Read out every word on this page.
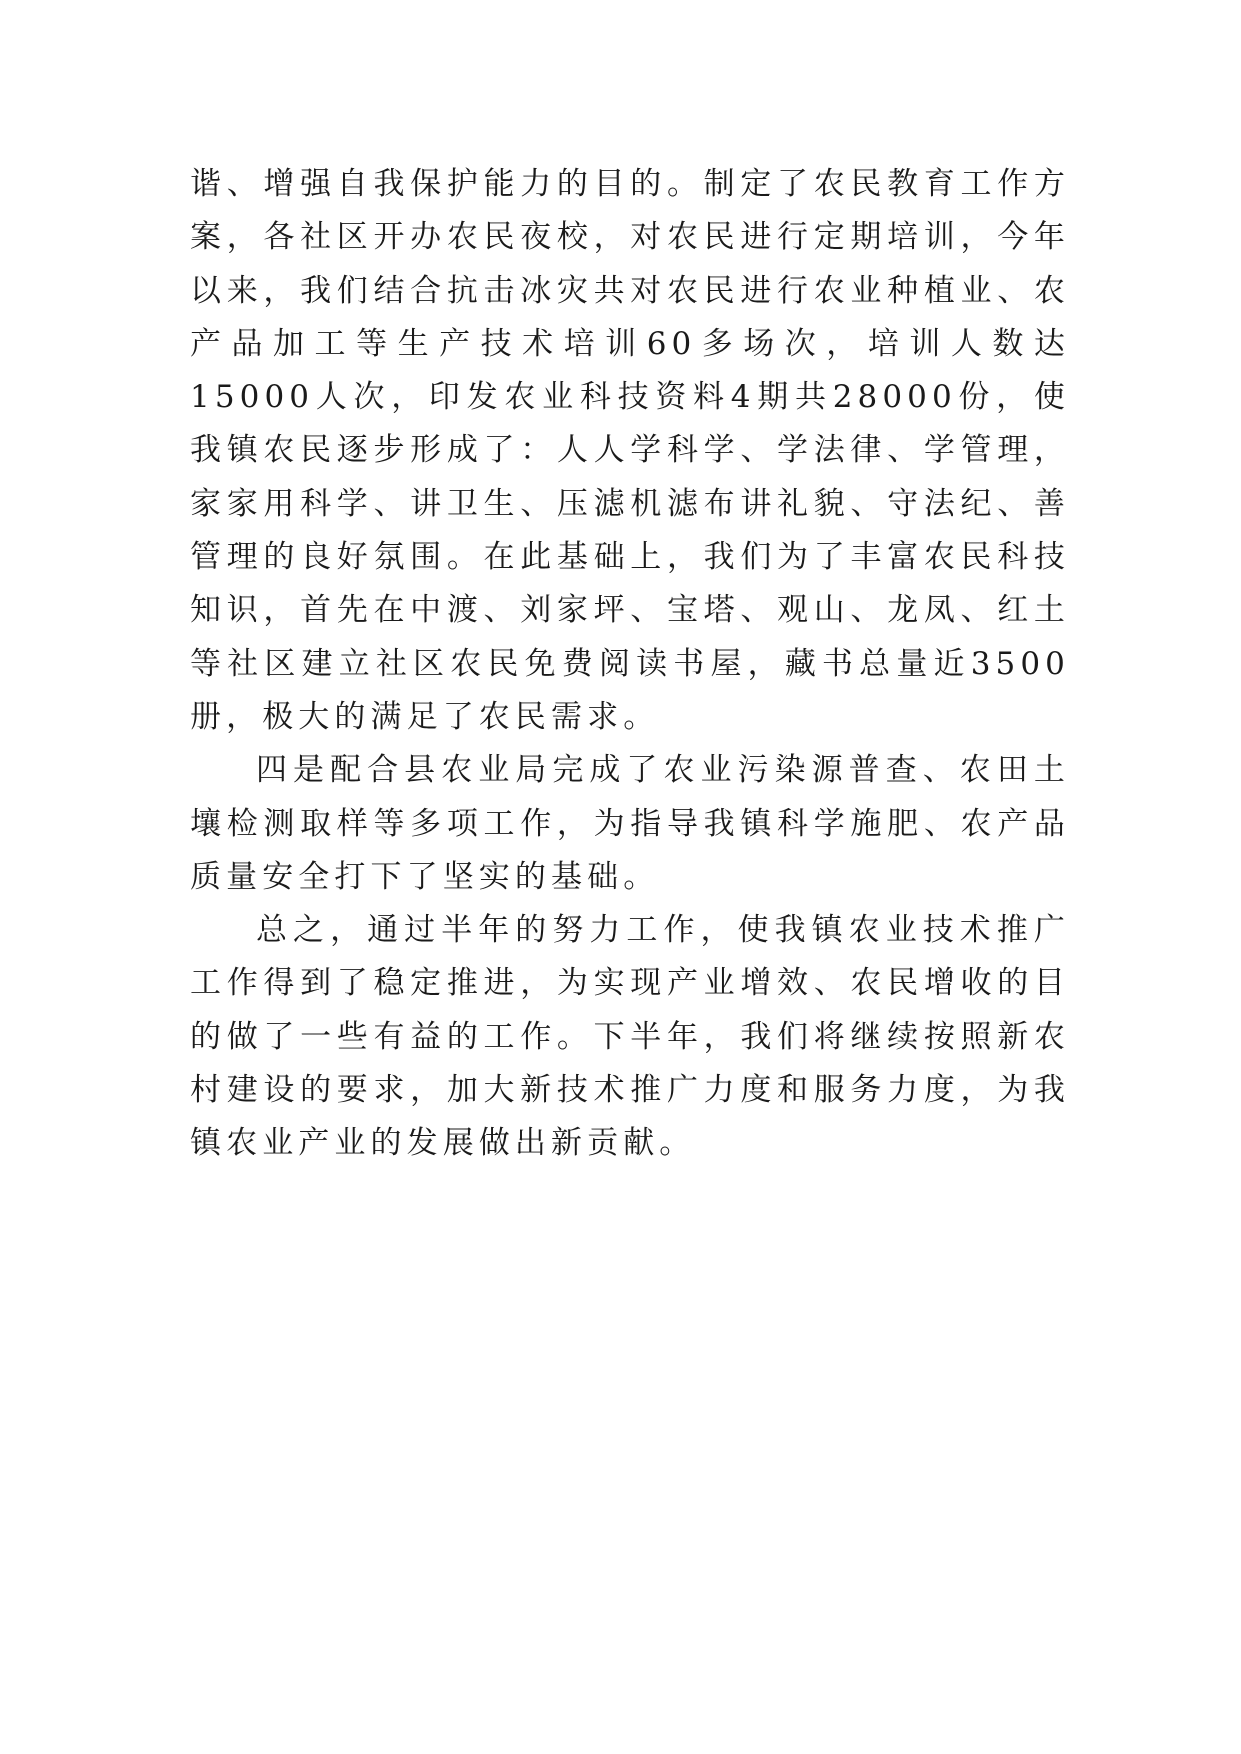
谐、增强自我保护能力的目的。制定了农民教育工作方案，各社区开办农民夜校，对农民进行定期培训，今年以来，我们结合抗击冰灾共对农民进行农业种植业、农产品加工等生产技术培训60多场次，培训人数达15000人次，印发农业科技资料4期共28000份，使我镇农民逐步形成了：人人学科学、学法律、学管理，家家用科学、讲卫生、压滤机滤布讲礼貌、守法纪、善管理的良好氛围。在此基础上，我们为了丰富农民科技知识，首先在中渡、刘家坪、宝塔、观山、龙凤、红土等社区建立社区农民免费阅读书屋，藏书总量近3500册，极大的满足了农民需求。

四是配合县农业局完成了农业污染源普查、农田土壤检测取样等多项工作，为指导我镇科学施肥、农产品质量安全打下了坚实的基础。

总之，通过半年的努力工作，使我镇农业技术推广工作得到了稳定推进，为实现产业增效、农民增收的目的做了一些有益的工作。下半年，我们将继续按照新农村建设的要求，加大新技术推广力度和服务力度，为我镇农业产业的发展做出新贡献。
